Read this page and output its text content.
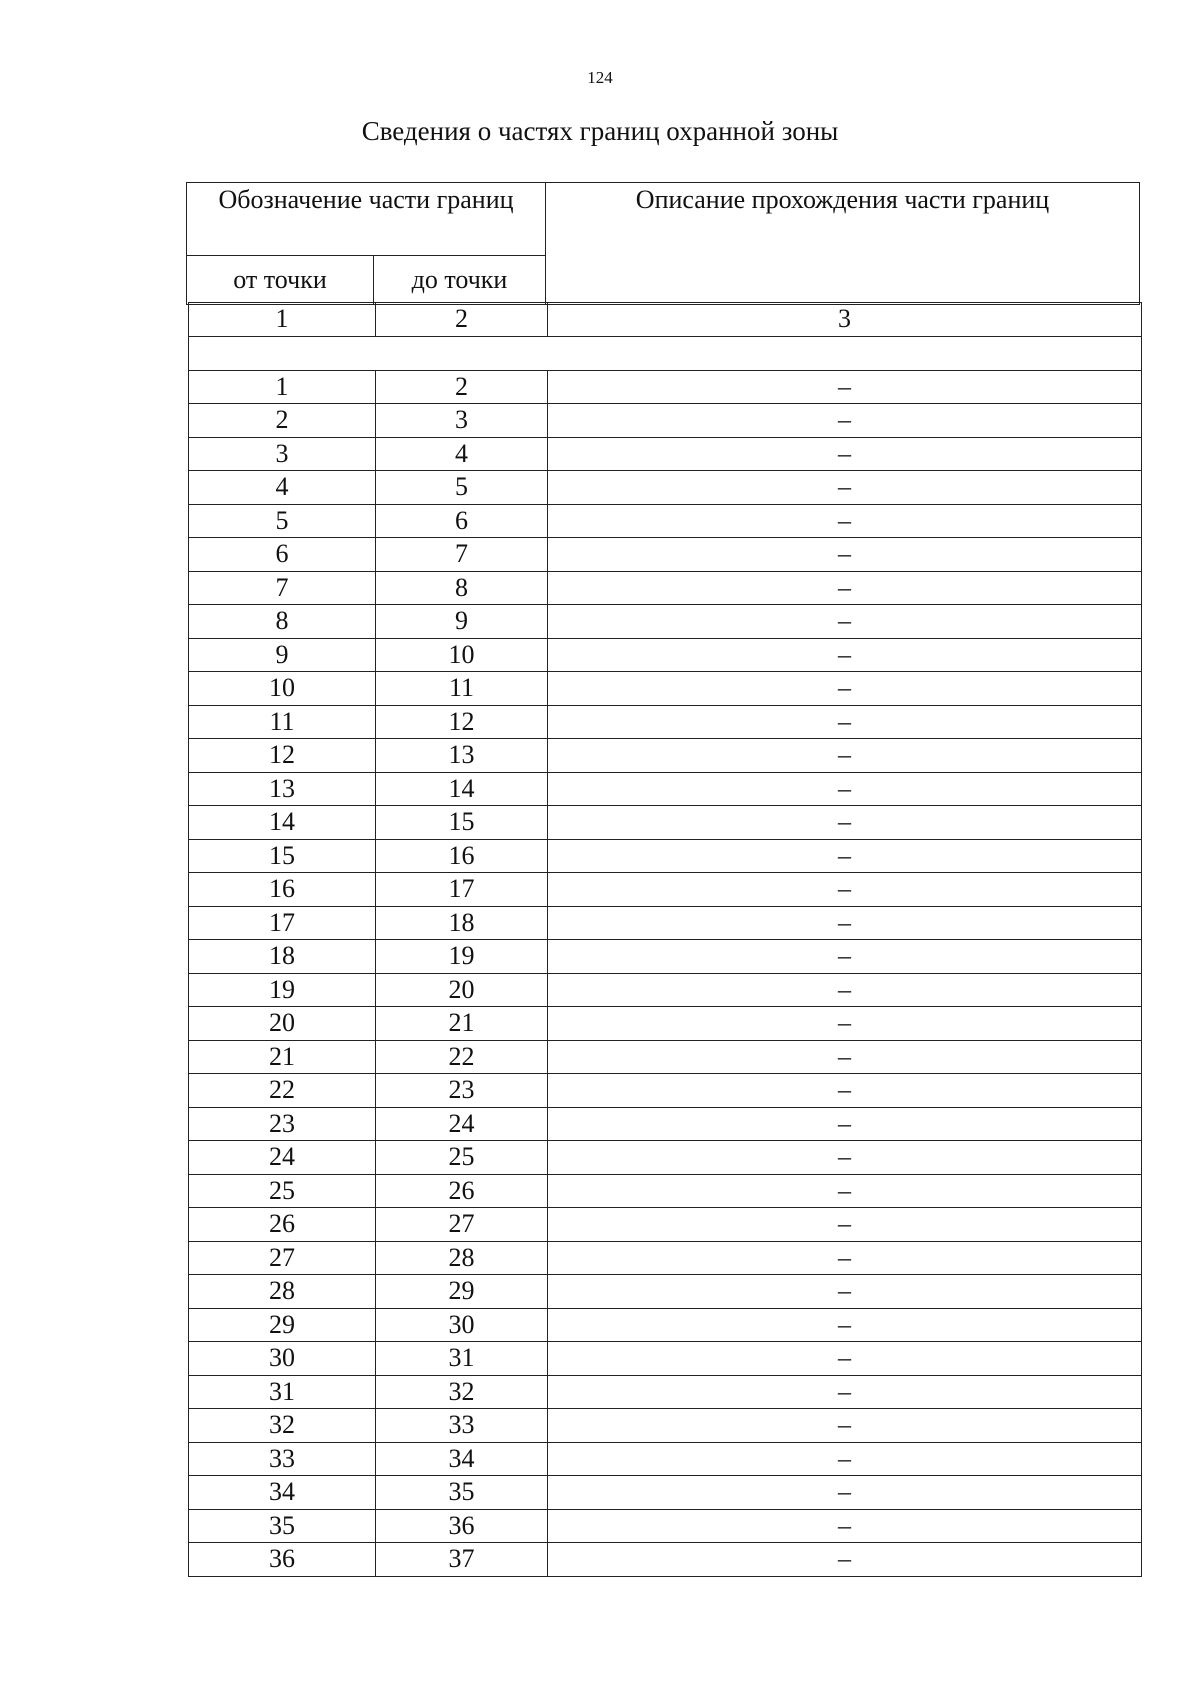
124
Сведения о частях границ охранной зоны
Обозначение части границ		Описание прохождения части границ
от точки	до точки	
1	2	3

1	2	–
2	3	–
3	4	–
4	5	–
5	6	–
6	7	–
7	8	–
8	9	–
9	10	–
10	11	–
11	12	–
12	13	–
13	14	–
14	15	–
15	16	–
16	17	–
17	18	–
18	19	–
19	20	–
20	21	–
21	22	–
22	23	–
23	24	–
24	25	–
25	26	–
26	27	–
27	28	–
28	29	–
29	30	–
30	31	–
31	32	–
32	33	–
33	34	–
34	35	–
35	36	–
36	37	–
